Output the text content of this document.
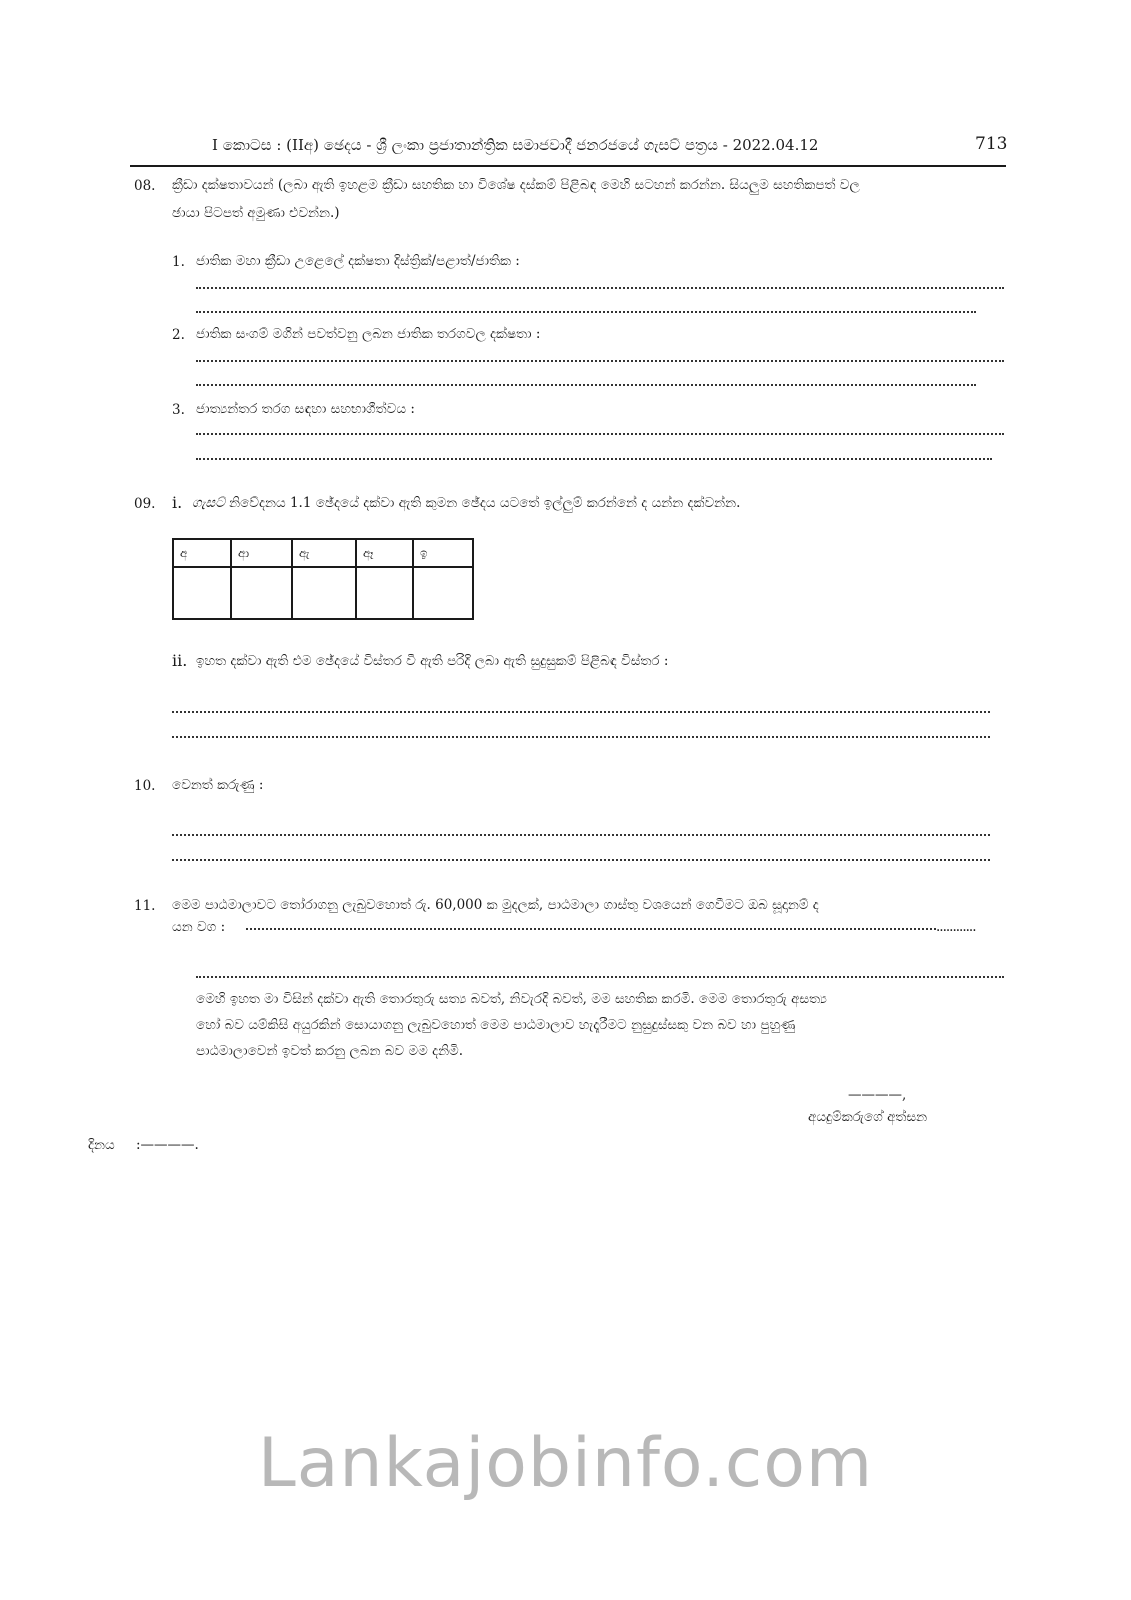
I කොටස : (IIඅ) ඡෙදය - ශ්‍රී ලංකා ප්‍රජාතාන්ත්‍රික සමාජවාදී ජනරජයේ ගැසට් පත්‍රය - 2022.04.12	713
08. ක්‍රීඩා දක්ෂතාවයන් (ලබා ඇති ඉහළම ක්‍රීඩා සහතික හා විශේෂ දස්කම් පිළිබඳ මෙහි සටහන් කරන්න. සියලුම සහතිකපත් වල
ඡායා පිටපත් අමුණා එවන්න.)
1. ජාතික මහා ක්‍රීඩා උළෙලේ දක්ෂතා දිස්ත්‍රික්/පළාත්/ජාතික :
2. ජාතික සංගම් මගින් පවත්වනු ලබන ජාතික තරගවල දක්ෂතා :
3. ජාත්‍යන්තර තරග සඳහා සහභාගීත්වය :
09. i. ගැසට් නිවේදනය 1.1 ඡේදයේ දක්වා ඇති කුමන ඡේදය යටතේ ඉල්ලුම් කරන්නේ ද යන්න දක්වන්න.
අ	ආ	ඇ	ඈ	ඉ

ii. ඉහත දක්වා ඇති එම ඡේදයේ විස්තර වී ඇති පරිදි ලබා ඇති සුදුසුකම් පිළිබඳ විස්තර :
10. වෙනත් කරුණු :
11. මෙම පාඨමාලාවට තෝරාගනු ලැබුවහොත් රු. 60,000 ක මුදලක්, පාඨමාලා ගාස්තු වශයෙන් ගෙවීමට ඔබ සූදානම් ද
යන වග :	............
මෙහි ඉහත මා විසින් දක්වා ඇති තොරතුරු සත්‍ය බවත්, නිවැරදි බවත්, මම සහතික කරමි. මෙම තොරතුරු අසත්‍ය
හෝ බව යම්කිසි අයුරකින් සොයාගනු ලැබුවහොත් මෙම පාඨමාලාව හැදෑරීමට නුසුදුස්සකු වන බව හා පුහුණු
පාඨමාලාවෙන් ඉවත් කරනු ලබන බව මම දනිමි.
————,
අයදුම්කරුගේ අත්සන
දිනය :————.
Lankajobinfo.com
